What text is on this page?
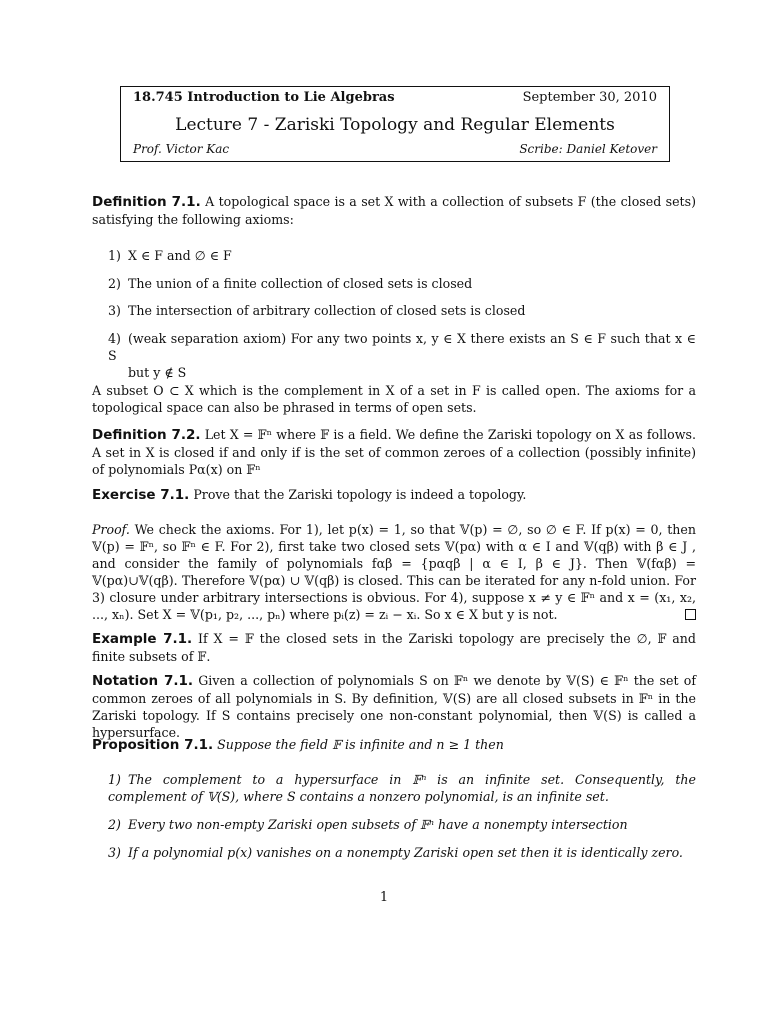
18.745 Introduction to Lie Algebras	September 30, 2010
Lecture 7 - Zariski Topology and Regular Elements
Prof. Victor Kac	Scribe: Daniel Ketover
Definition 7.1. A topological space is a set X with a collection of subsets F (the closed sets) satisfying the following axioms:
1) X ∈ F and ∅ ∈ F
2) The union of a finite collection of closed sets is closed
3) The intersection of arbitrary collection of closed sets is closed
4) (weak separation axiom) For any two points x, y ∈ X there exists an S ∈ F such that x ∈ S
but y ∉ S
A subset O ⊂ X which is the complement in X of a set in F is called open. The axioms for a topological space can also be phrased in terms of open sets.
Definition 7.2. Let X = 𝔽ⁿ where 𝔽 is a field. We define the Zariski topology on X as follows. A set in X is closed if and only if is the set of common zeroes of a collection (possibly infinite) of polynomials Pα(x) on 𝔽ⁿ
Exercise 7.1. Prove that the Zariski topology is indeed a topology.
Proof. We check the axioms. For 1), let p(x) = 1, so that 𝕍(p) = ∅, so ∅ ∈ F. If p(x) = 0, then 𝕍(p) = 𝔽ⁿ, so 𝔽ⁿ ∈ F. For 2), first take two closed sets 𝕍(pα) with α ∈ I and 𝕍(qβ) with β ∈ J , and consider the family of polynomials fαβ = {pαqβ | α ∈ I, β ∈ J}. Then 𝕍(fαβ) = 𝕍(pα)∪𝕍(qβ). Therefore 𝕍(pα) ∪ 𝕍(qβ) is closed. This can be iterated for any n-fold union. For 3) closure under arbitrary intersections is obvious. For 4), suppose x ≠ y ∈ 𝔽ⁿ and x = (x₁, x₂, ..., xₙ). Set X = 𝕍(p₁, p₂, ..., pₙ) where pᵢ(z) = zᵢ − xᵢ. So x ∈ X but y is not.
Example 7.1. If X = 𝔽 the closed sets in the Zariski topology are precisely the ∅, 𝔽 and finite subsets of 𝔽.
Notation 7.1. Given a collection of polynomials S on 𝔽ⁿ we denote by 𝕍(S) ∈ 𝔽ⁿ the set of common zeroes of all polynomials in S. By definition, 𝕍(S) are all closed subsets in 𝔽ⁿ in the Zariski topology. If S contains precisely one non-constant polynomial, then 𝕍(S) is called a hypersurface.
Proposition 7.1. Suppose the field 𝔽 is infinite and n ≥ 1 then
1) The complement to a hypersurface in 𝔽ⁿ is an infinite set. Consequently, the complement of 𝕍(S), where S contains a nonzero polynomial, is an infinite set.
2) Every two non-empty Zariski open subsets of 𝔽ⁿ have a nonempty intersection
3) If a polynomial p(x) vanishes on a nonempty Zariski open set then it is identically zero.
1
